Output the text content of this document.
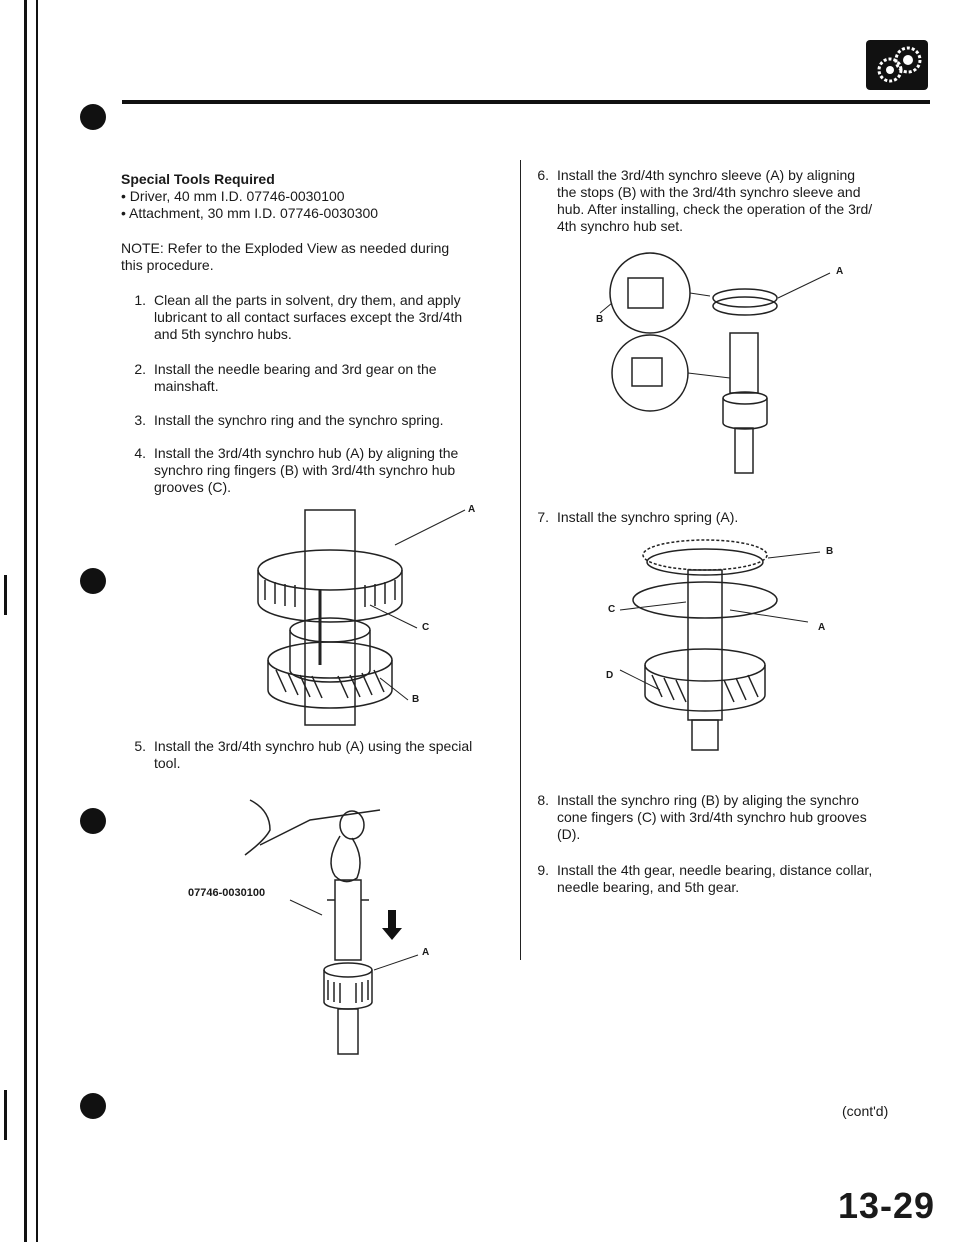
Special Tools Required
• Driver, 40 mm I.D. 07746-0030100
• Attachment, 30 mm I.D. 07746-0030300
NOTE: Refer to the Exploded View as needed during
this procedure.
1. Clean all the parts in solvent, dry them, and apply
lubricant to all contact surfaces except the 3rd/4th
and 5th synchro hubs.
2. Install the needle bearing and 3rd gear on the
mainshaft.
3. Install the synchro ring and the synchro spring.
4. Install the 3rd/4th synchro hub (A) by aligning the
synchro ring fingers (B) with 3rd/4th synchro hub
grooves (C).
A
C
B
5. Install the 3rd/4th synchro hub (A) using the special
tool.
07746-0030100
A
6. Install the 3rd/4th synchro sleeve (A) by aligning
the stops (B) with the 3rd/4th synchro sleeve and
hub. After installing, check the operation of the 3rd/
4th synchro hub set.
A
B
7. Install the synchro spring (A).
B
C
A
D
8. Install the synchro ring (B) by aliging the synchro
cone fingers (C) with 3rd/4th synchro hub grooves
(D).
9. Install the 4th gear, needle bearing, distance collar,
needle bearing, and 5th gear.
(cont'd)
13-29
